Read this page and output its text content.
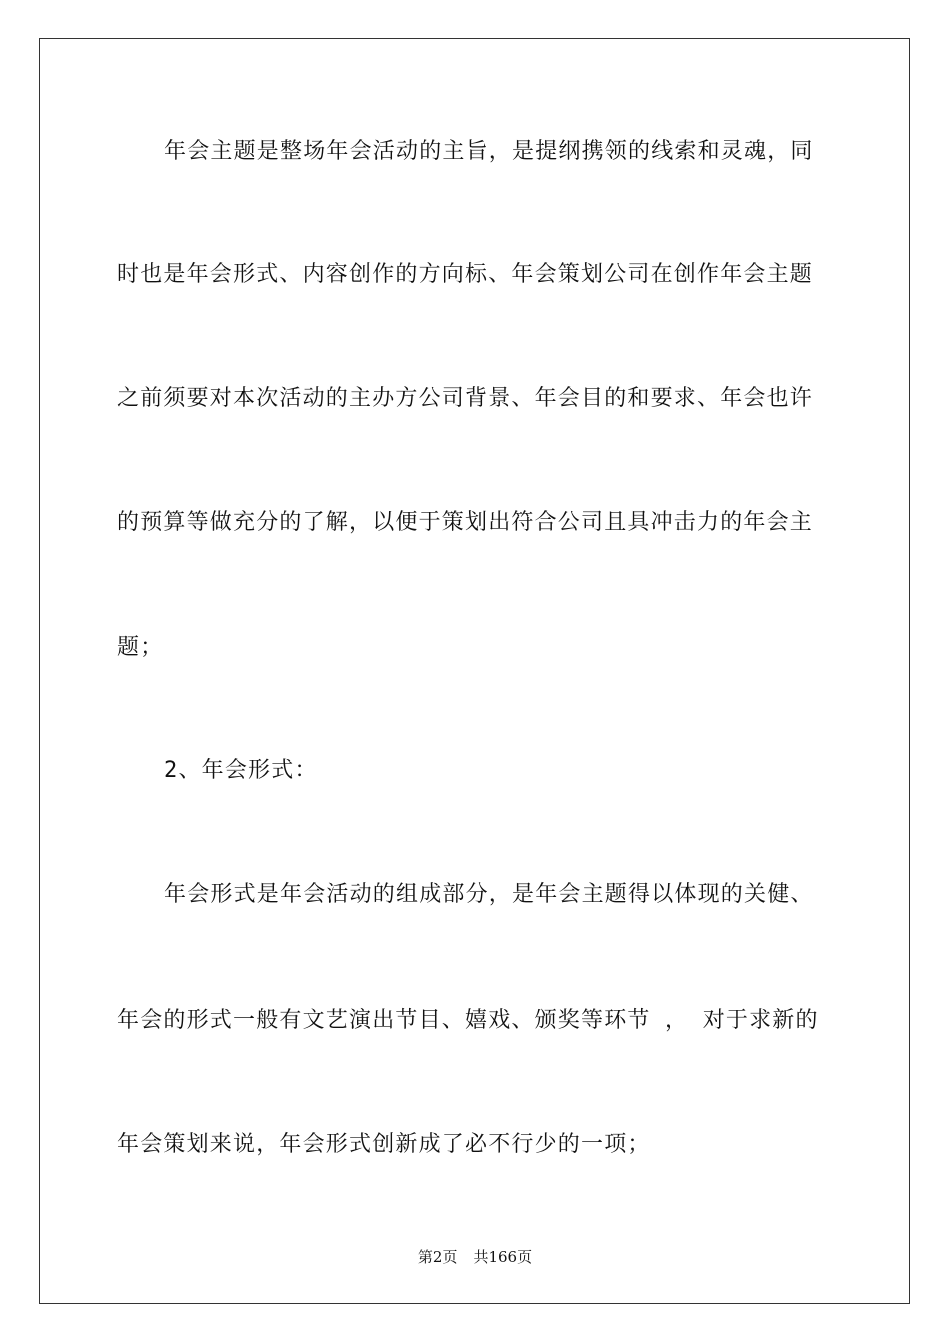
年会主题是整场年会活动的主旨，是提纲携领的线索和灵魂，同

时也是年会形式、内容创作的方向标、年会策划公司在创作年会主题

之前须要对本次活动的主办方公司背景、年会目的和要求、年会也许

的预算等做充分的了解，以便于策划出符合公司且具冲击力的年会主

题；

2、年会形式：

年会形式是年会活动的组成部分，是年会主题得以体现的关健、

年会的形式一般有文艺演出节目、嬉戏、颁奖等环节 ， 对于求新的

年会策划来说，年会形式创新成了必不行少的一项；

第2页 共166页
